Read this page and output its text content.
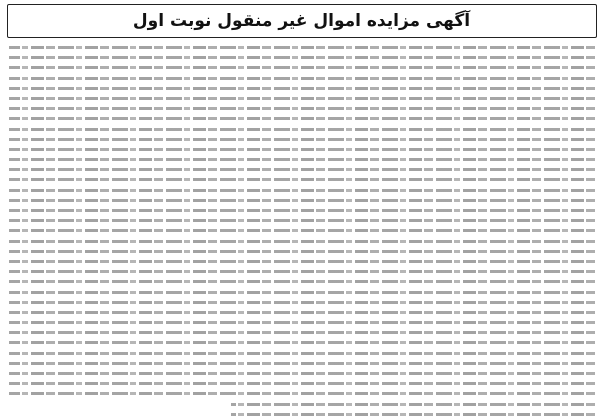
آگهی مزایده اموال غیر منقول نوبت اول
